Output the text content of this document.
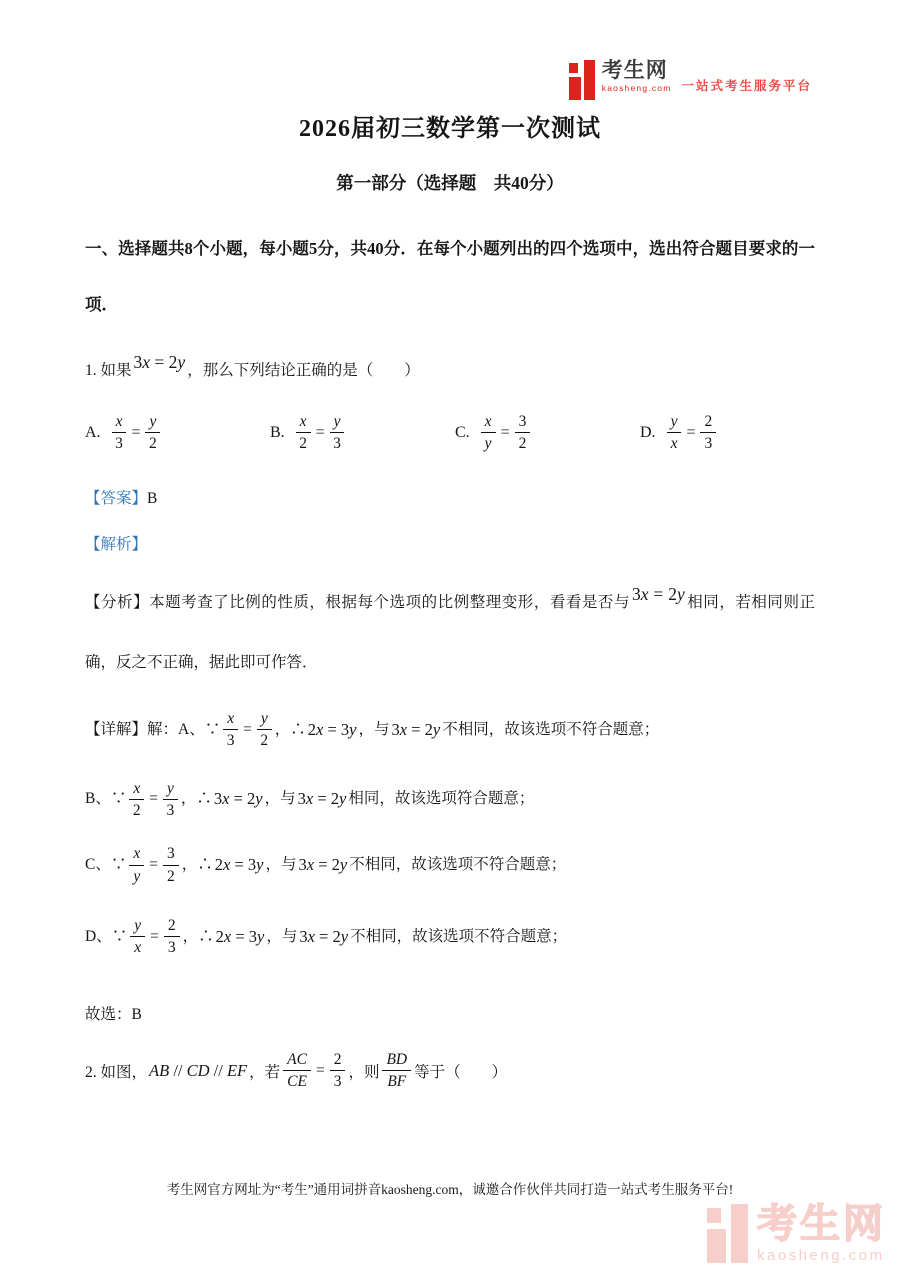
考生网
kaosheng.com 一站式考生服务平台
2026届初三数学第一次测试
第一部分（选择题　共40分）
一、选择题共8个小题，每小题5分，共40分．在每个小题列出的四个选项中，选出符合题目要求的一项．
1. 如果 3x = 2y ，那么下列结论正确的是（　　）
A. $\frac{x}{3} = \frac{y}{2}$	B. $\frac{x}{2} = \frac{y}{3}$	C. $\frac{x}{y} = \frac{3}{2}$	D. $\frac{y}{x} = \frac{2}{3}$
【答案】B
【解析】
【分析】本题考查了比例的性质，根据每个选项的比例整理变形，看看是否与 3x = 2y 相同，若相同则正确，反之不正确，据此即可作答．
【详解】 解：A、∵ $\frac{x}{3} = \frac{y}{2}$ ，∴ 2x = 3y ，与 3x = 2y 不相同，故该选项不符合题意；
B、∵ $\frac{x}{2} = \frac{y}{3}$ ，∴ 3x = 2y ，与 3x = 2y 相同，故该选项符合题意；
C、∵ $\frac{x}{y} = \frac{3}{2}$ ，∴ 2x = 3y ，与 3x = 2y 不相同，故该选项不符合题意；
D、∵ $\frac{y}{x} = \frac{2}{3}$ ，∴ 2x = 3y ，与 3x = 2y 不相同，故该选项不符合题意；
故选：B
2. 如图， AB // CD // EF ，若 $\frac{AC}{CE} = \frac{2}{3}$ ，则 $\frac{BD}{BF}$ 等于（　　）
考生网官方网址为“考生”通用词拼音kaosheng.com，诚邀合作伙伴共同打造一站式考生服务平台!
考生网
kaosheng.com
